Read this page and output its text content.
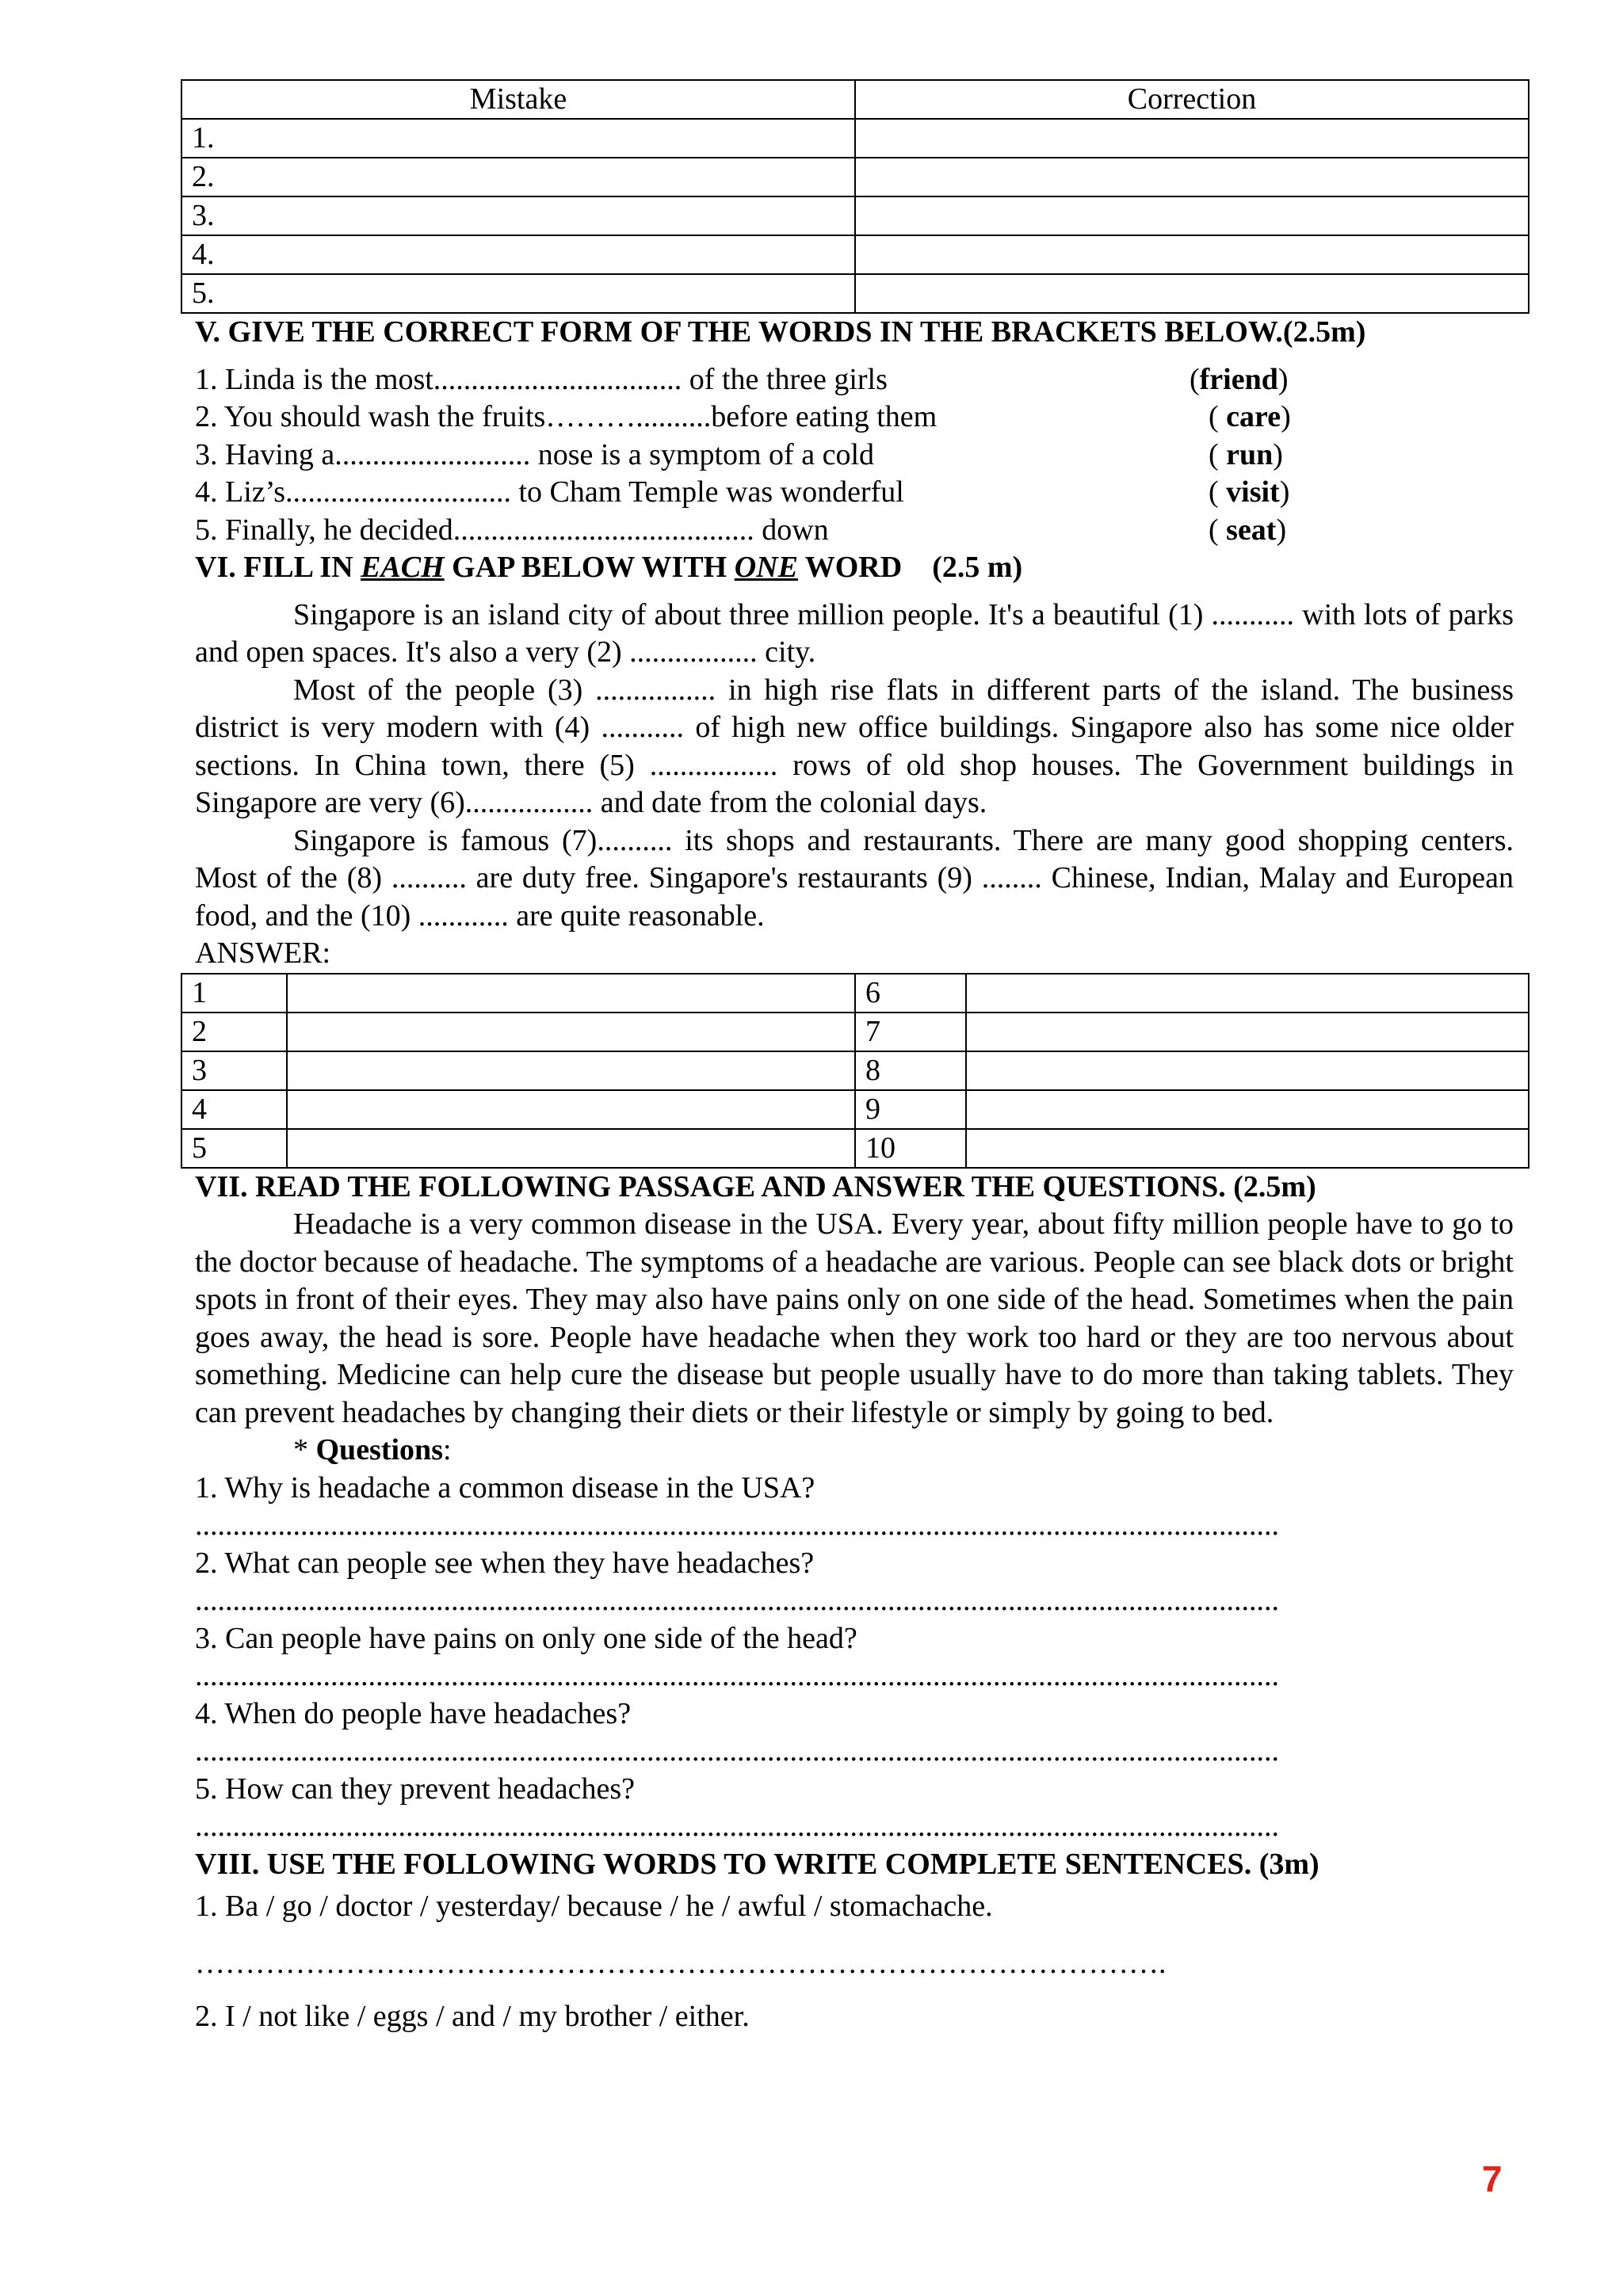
Mistake	Correction
1.	
2.	
3.	
4.	
5.	

V. GIVE THE CORRECT FORM OF THE WORDS IN THE BRACKETS BELOW.(2.5m)

1. Linda is the most................................. of the three girls	(friend)

2. You should wash the fruits………..........before eating them	( care)

3. Having a.......................... nose is a symptom of a cold	( run)

4. Liz’s.............................. to Cham Temple was wonderful	( visit)

5. Finally, he decided........................................ down	( seat)

VI. FILL IN EACH GAP BELOW WITH ONE WORD    (2.5 m)

Singapore is an island city of about three million people. It's a beautiful (1) ........... with lots of parks and open spaces. It's also a very (2) ................. city.

Most of the people (3) ................ in high rise flats in different parts of the island. The business district is very modern with (4) ........... of high new office buildings. Singapore also has some nice older sections. In China town, there (5) ................. rows of old shop houses. The Government buildings in Singapore are very (6)................. and date from the colonial days.

Singapore is famous (7).......... its shops and restaurants. There are many good shopping centers. Most of the (8) .......... are duty free. Singapore's restaurants (9) ........ Chinese, Indian, Malay and European food, and the (10) ............ are quite reasonable.

ANSWER:

1		6	
2		7	
3		8	
4		9	
5		10	

VII. READ THE FOLLOWING PASSAGE AND ANSWER THE QUESTIONS. (2.5m)

Headache is a very common disease in the USA. Every year, about fifty million people have to go to the doctor because of headache. The symptoms of a headache are various. People can see black dots or bright spots in front of their eyes. They may also have pains only on one side of the head. Sometimes when the pain goes away, the head is sore. People have headache when they work too hard or they are too nervous about something. Medicine can help cure the disease but people usually have to do more than taking tablets. They can prevent headaches by changing their diets or their lifestyle or simply by going to bed.

* Questions:

1. Why is headache a common disease in the USA?

................................................................................................................................................

2. What can people see when they have headaches?

................................................................................................................................................

3. Can people have pains on only one side of the head?

................................................................................................................................................

4. When do people have headaches?

................................................................................................................................................

5. How can they prevent headaches?

................................................................................................................................................

VIII. USE THE FOLLOWING WORDS TO WRITE COMPLETE SENTENCES. (3m)

1. Ba / go / doctor / yesterday/ because / he / awful / stomachache.

…………………………………………………………………………………….

2. I / not like / eggs / and / my brother / either.

7
